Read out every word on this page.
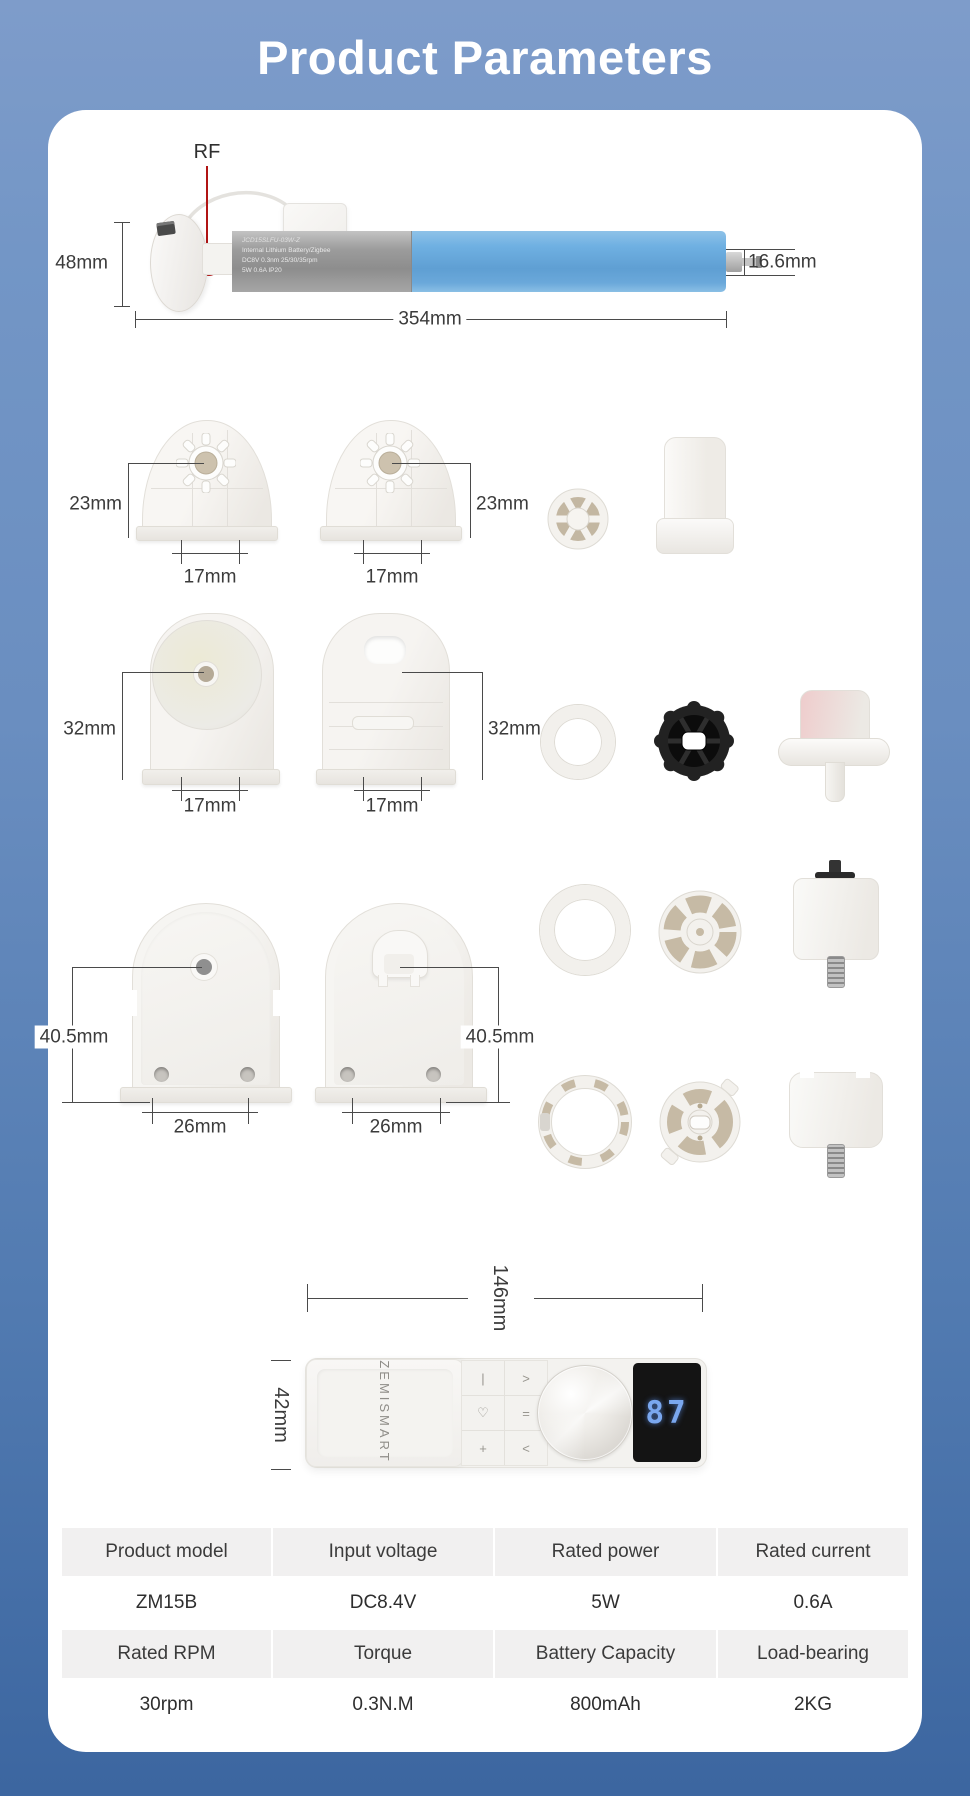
Product Parameters
RF
JCD15SLFU-03W-Z
Internal Lithium Battery/Zigbee
DC8V 0.3nm 25/30/35rpm
5W 0.6A IP20
48mm	16.6mm
354mm
23mm	23mm
17mm	17mm
32mm	32mm
17mm	17mm
40.5mm	40.5mm
26mm	26mm
146mm
42mm	ZEMISMART	|	>
♡	=
+	<
87
Product model	Input voltage	Rated power	Rated current
ZM15B	DC8.4V	5W	0.6A
Rated RPM	Torque	Battery Capacity	Load-bearing
30rpm	0.3N.M	800mAh	2KG
